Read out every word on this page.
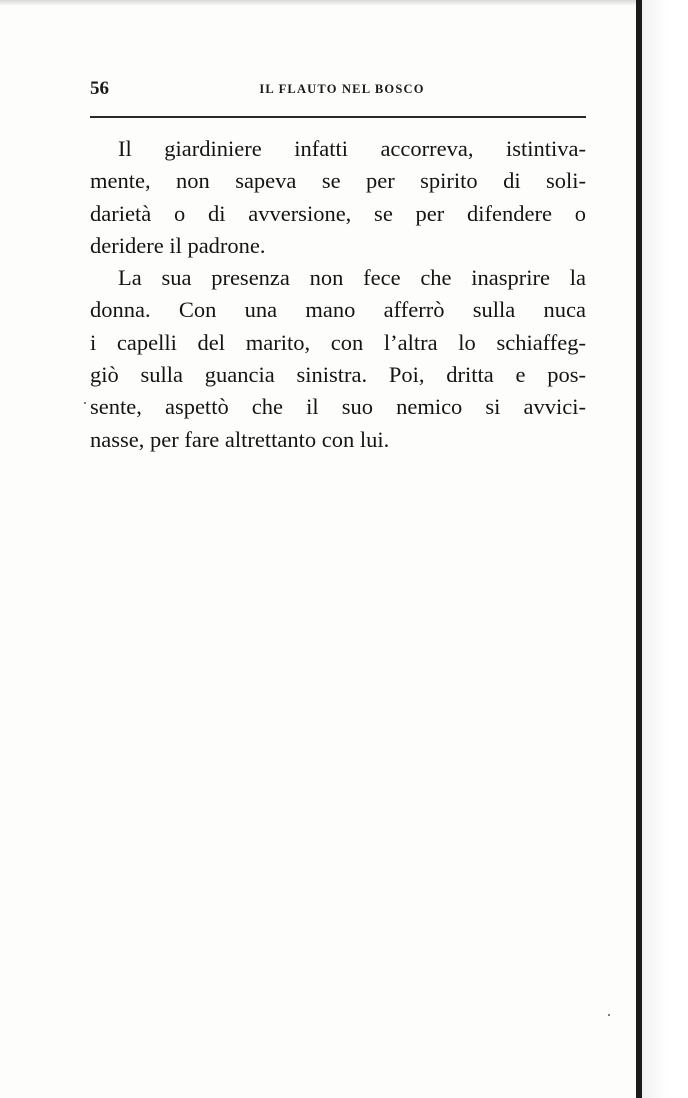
56	IL FLAUTO NEL BOSCO
Il giardiniere infatti accorreva, istintiva-
mente, non sapeva se per spirito di soli-
darietà o di avversione, se per difendere o
deridere il padrone.
La sua presenza non fece che inasprire la
donna. Con una mano afferrò sulla nuca
i capelli del marito, con l’altra lo schiaffeg-
giò sulla guancia sinistra. Poi, dritta e pos-
sente, aspettò che il suo nemico si avvici-
nasse, per fare altrettanto con lui.
